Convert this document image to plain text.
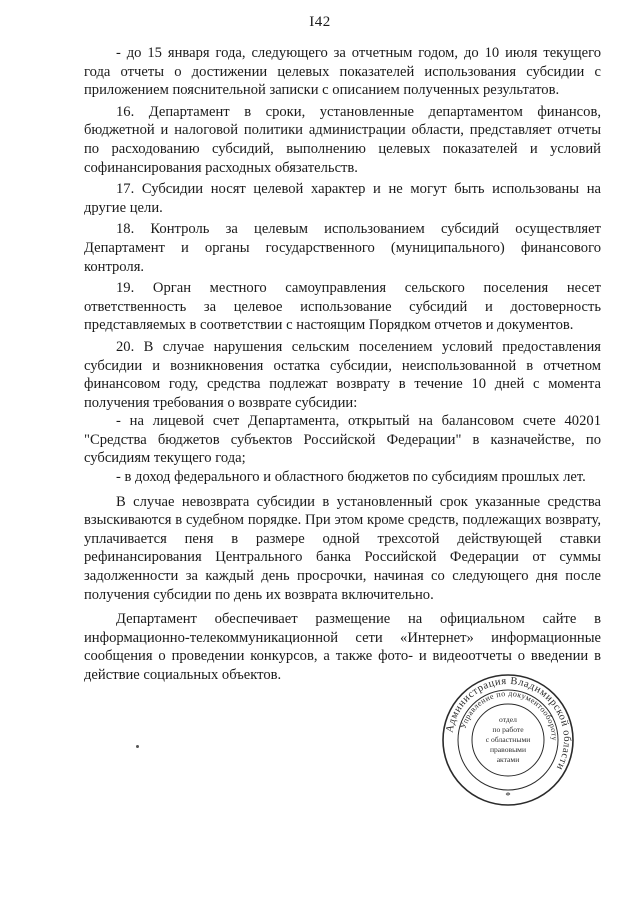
I42

- до 15 января года, следующего за отчетным годом, до 10 июля текущего года отчеты о достижении целевых показателей использования субсидии с приложением пояснительной записки с описанием полученных результатов.

16. Департамент в сроки, установленные департаментом финансов, бюджетной и налоговой политики администрации области, представляет отчеты по расходованию субсидий, выполнению целевых показателей и условий софинансирования расходных обязательств.

17. Субсидии носят целевой характер и не могут быть использованы на другие цели.

18. Контроль за целевым использованием субсидий осуществляет Департамент и органы государственного (муниципального) финансового контроля.

19. Орган местного самоуправления сельского поселения несет ответственность за целевое использование субсидий и достоверность представляемых в соответствии с настоящим Порядком отчетов и документов.

20. В случае нарушения сельским поселением условий предоставления субсидии и возникновения остатка субсидии, неиспользованной в отчетном финансовом году, средства подлежат возврату в течение 10 дней с момента получения требования о возврате субсидии:

- на лицевой счет Департамента, открытый на балансовом счете 40201 "Средства бюджетов субъектов Российской Федерации" в казначействе, по субсидиям текущего года;

- в доход федерального и областного бюджетов по субсидиям прошлых лет.

В случае невозврата субсидии в установленный срок указанные средства взыскиваются в судебном порядке. При этом кроме средств, подлежащих возврату, уплачивается пеня в размере одной трехсотой действующей ставки рефинансирования Центрального банка Российской Федерации от суммы задолженности за каждый день просрочки, начиная со следующего дня после получения субсидии по день их возврата включительно.

Департамент обеспечивает размещение на официальном сайте в информационно-телекоммуникационной сети «Интернет» информационные сообщения о проведении конкурсов, а также фото- и видеоотчеты о введении в действие социальных объектов.

Администрация Владимирской области
Управление по документообороту
отдел
по работе
с областными
правовыми
актами
*
